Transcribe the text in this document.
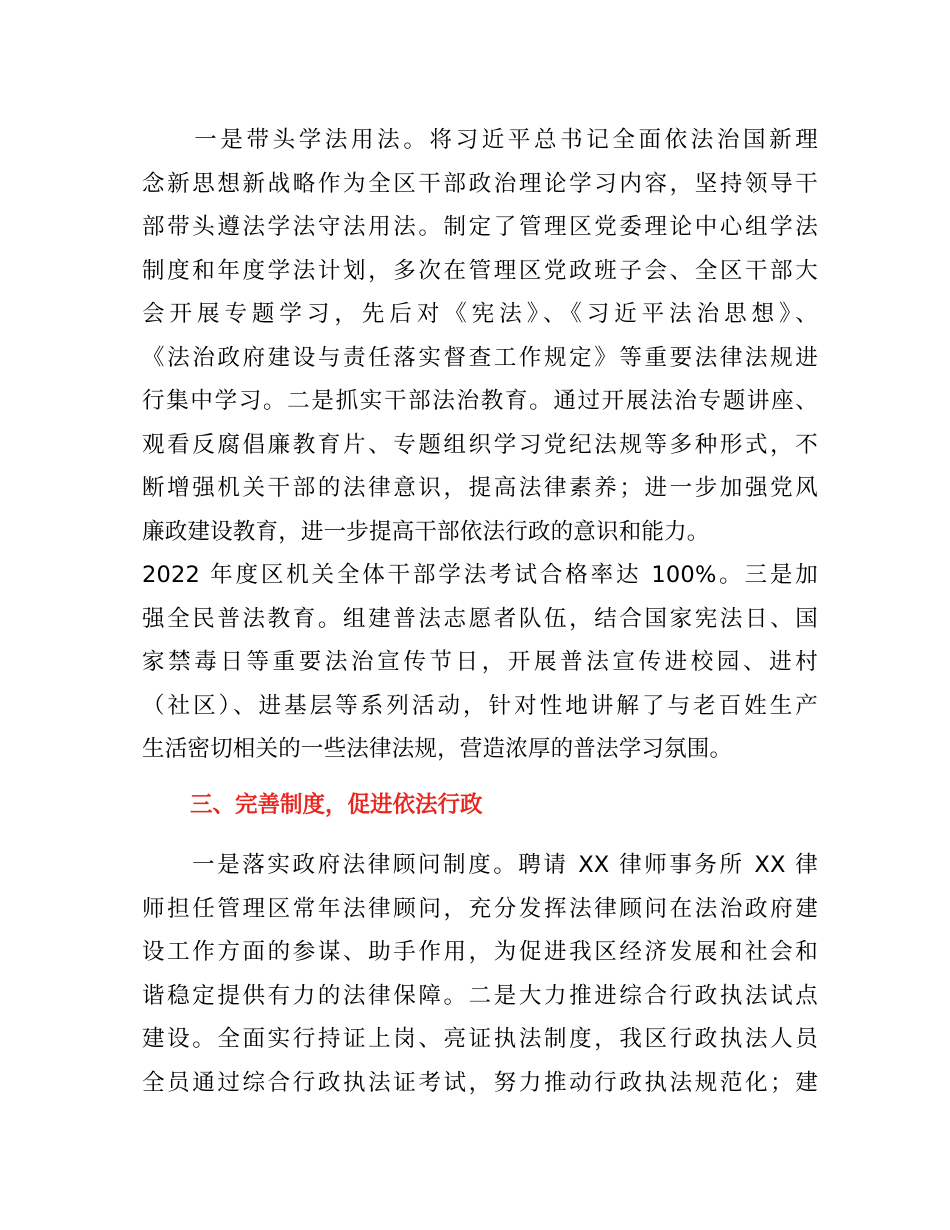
　　一是带头学法用法。将习近平总书记全面依法治国新理
念新思想新战略作为全区干部政治理论学习内容，坚持领导干
部带头遵法学法守法用法。制定了管理区党委理论中心组学法
制度和年度学法计划，多次在管理区党政班子会、全区干部大
会开展专题学习，先后对《宪法》、《习近平法治思想》、
《法治政府建设与责任落实督查工作规定》等重要法律法规进
行集中学习。二是抓实干部法治教育。通过开展法治专题讲座、
观看反腐倡廉教育片、专题组织学习党纪法规等多种形式，不
断增强机关干部的法律意识，提高法律素养；进一步加强党风
廉政建设教育，进一步提高干部依法行政的意识和能力。
2022 年度区机关全体干部学法考试合格率达 100%。三是加
强全民普法教育。组建普法志愿者队伍，结合国家宪法日、国
家禁毒日等重要法治宣传节日，开展普法宣传进校园、进村
（社区）、进基层等系列活动，针对性地讲解了与老百姓生产
生活密切相关的一些法律法规，营造浓厚的普法学习氛围。
三、完善制度，促进依法行政
　　一是落实政府法律顾问制度。聘请 XX 律师事务所 XX 律
师担任管理区常年法律顾问，充分发挥法律顾问在法治政府建
设工作方面的参谋、助手作用，为促进我区经济发展和社会和
谐稳定提供有力的法律保障。二是大力推进综合行政执法试点
建设。全面实行持证上岗、亮证执法制度，我区行政执法人员
全员通过综合行政执法证考试，努力推动行政执法规范化；建
